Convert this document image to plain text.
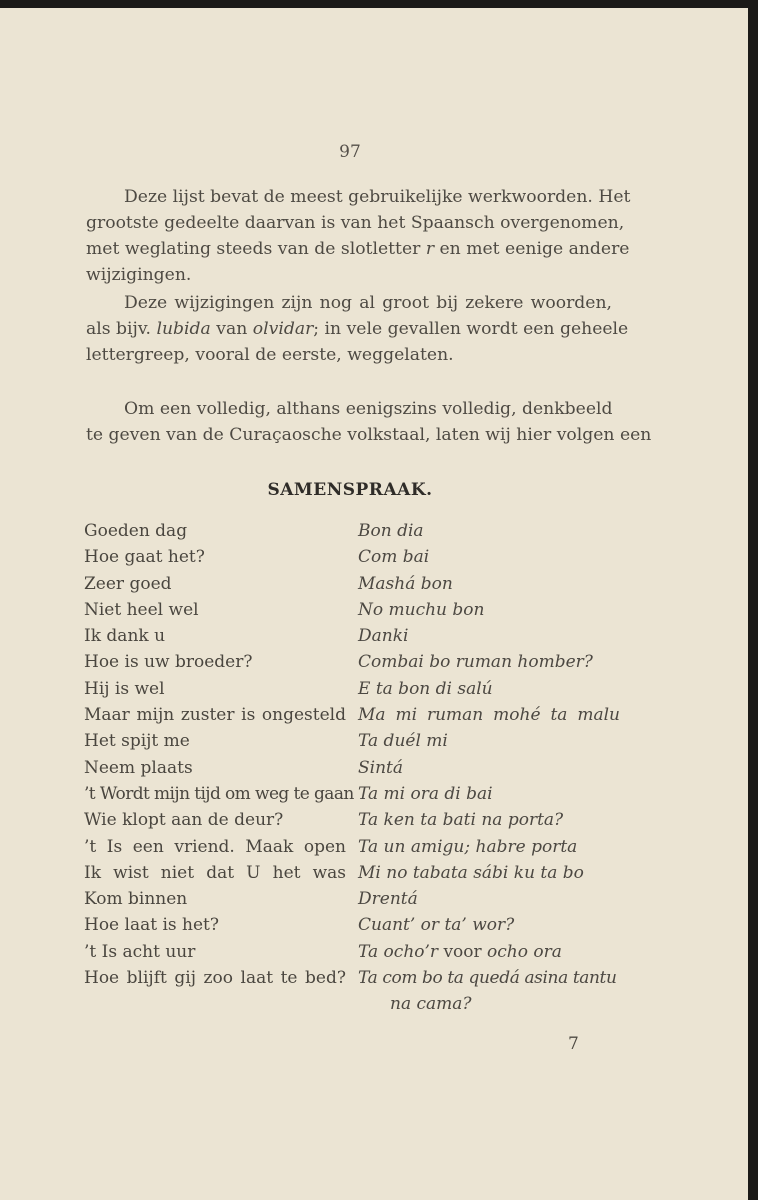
97
Deze lijst bevat de meest gebruikelijke werkwoorden. Het
grootste gedeelte daarvan is van het Spaansch overgenomen,
met weglating steeds van de slotletter r en met eenige andere
wijzigingen.
Deze wijzigingen zijn nog al groot bij zekere woorden,
als bijv. lubida van olvidar; in vele gevallen wordt een geheele
lettergreep, vooral de eerste, weggelaten.
Om een volledig, althans eenigszins volledig, denkbeeld
te geven van de Curaçaosche volkstaal, laten wij hier volgen een
SAMENSPRAAK.
Goeden dag
Hoe gaat het?
Zeer goed
Niet heel wel
Ik dank u
Hoe is uw broeder?
Hij is wel
Maar mijn zuster is ongesteld
Het spijt me
Neem plaats
’t Wordt mijn tijd om weg te gaan
Wie klopt aan de deur?
’t Is een vriend. Maak open
Ik wist niet dat U het was
Kom binnen
Hoe laat is het?
’t Is acht uur
Hoe blijft gij zoo laat te bed?
Bon dia
Com bai
Mashá bon
No muchu bon
Danki
Combai bo ruman homber?
E ta bon di salú
Ma mi ruman mohé ta malu
Ta duél mi
Sintá
Ta mi ora di bai
Ta ken ta bati na porta?
Ta un amigu; habre porta
Mi no tabata sábi ku ta bo
Drentá
Cuant’ or ta’ wor?
Ta ocho’r voor ocho ora
Ta com bo ta quedá asina tantu
na cama?
7
